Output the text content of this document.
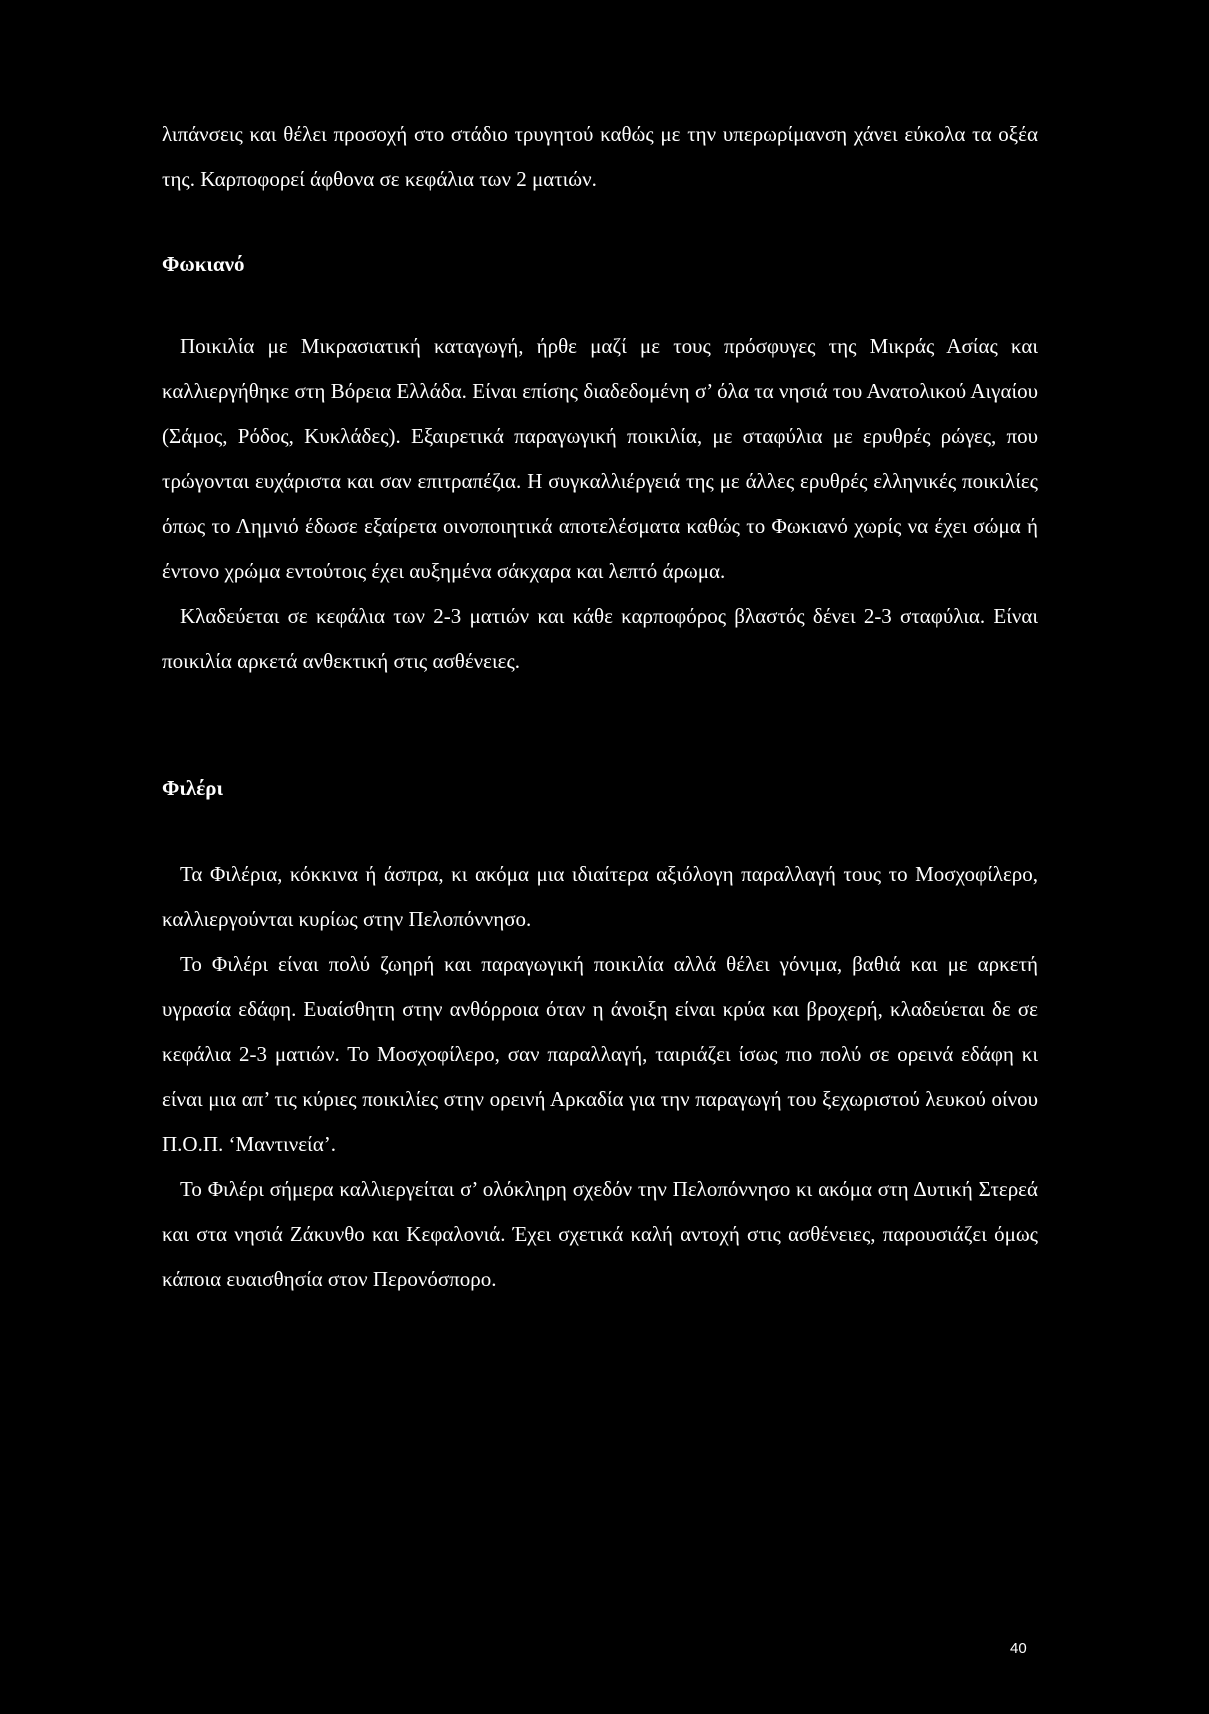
λιπάνσεις και θέλει προσοχή στο στάδιο τρυγητού καθώς με την υπερωρίμανση χάνει εύκολα τα οξέα της. Καρποφορεί άφθονα σε κεφάλια των 2 ματιών.

Φωκιανό

Ποικιλία με Μικρασιατική καταγωγή, ήρθε μαζί με τους πρόσφυγες της Μικράς Ασίας και καλλιεργήθηκε στη Βόρεια Ελλάδα. Είναι επίσης διαδεδομένη σ’ όλα τα νησιά του Ανατολικού Αιγαίου (Σάμος, Ρόδος, Κυκλάδες). Εξαιρετικά παραγωγική ποικιλία, με σταφύλια με ερυθρές ρώγες, που τρώγονται ευχάριστα και σαν επιτραπέζια. Η συγκαλλιέργειά της με άλλες ερυθρές ελληνικές ποικιλίες όπως το Λημνιό έδωσε εξαίρετα οινοποιητικά αποτελέσματα καθώς το Φωκιανό χωρίς να έχει σώμα ή έντονο χρώμα εντούτοις έχει αυξημένα σάκχαρα και λεπτό άρωμα.

Κλαδεύεται σε κεφάλια των 2-3 ματιών και κάθε καρποφόρος βλαστός δένει 2-3 σταφύλια. Είναι ποικιλία αρκετά ανθεκτική στις ασθένειες.

Φιλέρι

Τα Φιλέρια, κόκκινα ή άσπρα, κι ακόμα μια ιδιαίτερα αξιόλογη παραλλαγή τους το Μοσχοφίλερο, καλλιεργούνται κυρίως στην Πελοπόννησο.

Το Φιλέρι είναι πολύ ζωηρή και παραγωγική ποικιλία αλλά θέλει γόνιμα, βαθιά και με αρκετή υγρασία εδάφη. Ευαίσθητη στην ανθόρροια όταν η άνοιξη είναι κρύα και βροχερή, κλαδεύεται δε σε κεφάλια 2-3 ματιών. Το Μοσχοφίλερο, σαν παραλλαγή, ταιριάζει ίσως πιο πολύ σε ορεινά εδάφη κι είναι μια απ’ τις κύριες ποικιλίες στην ορεινή Αρκαδία για την παραγωγή του ξεχωριστού λευκού οίνου Π.Ο.Π. ‘Μαντινεία’.

Το Φιλέρι σήμερα καλλιεργείται σ’ ολόκληρη σχεδόν την Πελοπόννησο κι ακόμα στη Δυτική Στερεά και στα νησιά Ζάκυνθο και Κεφαλονιά. Έχει σχετικά καλή αντοχή στις ασθένειες, παρουσιάζει όμως κάποια ευαισθησία στον Περονόσπορο.

40
